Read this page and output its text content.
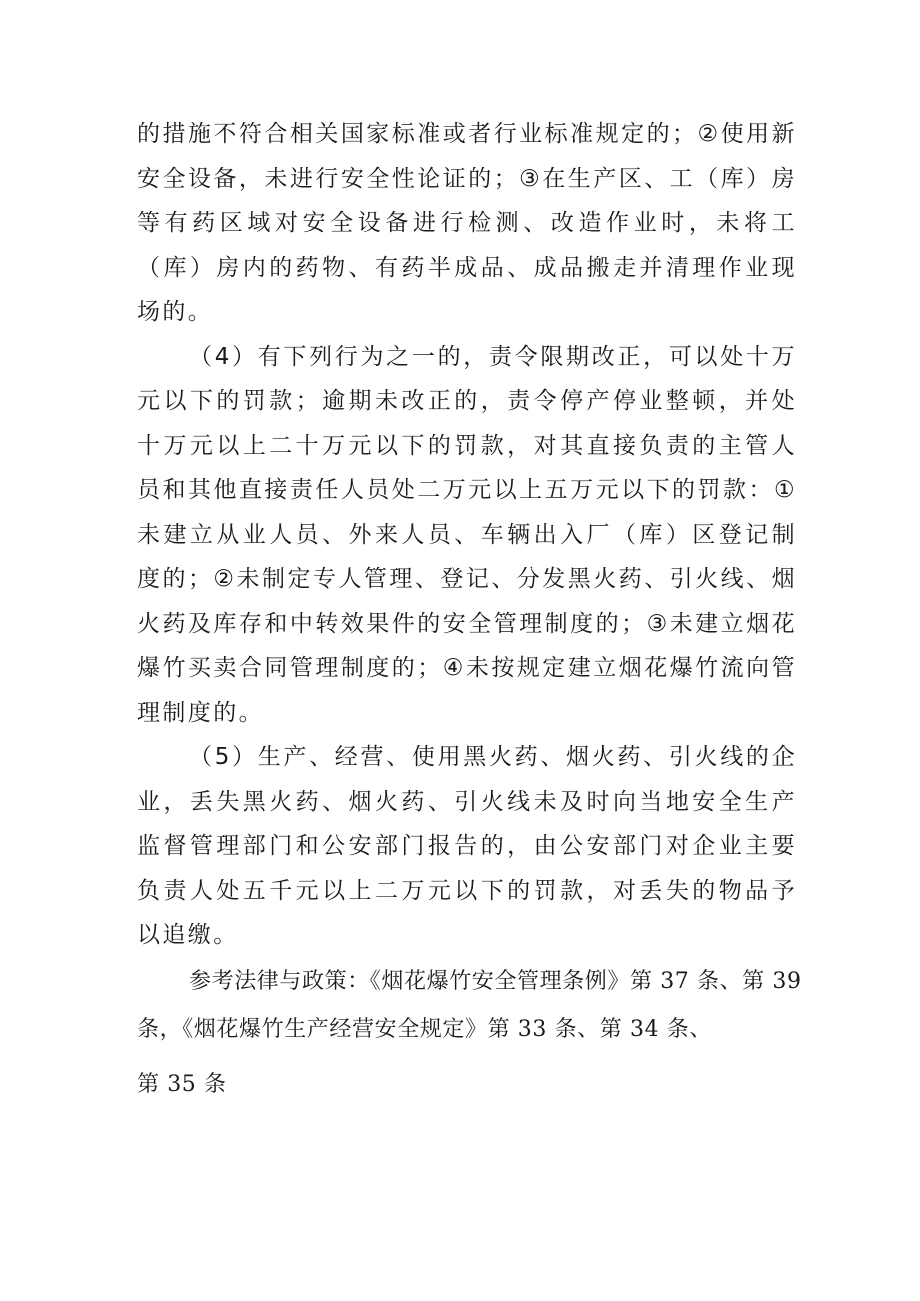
的措施不符合相关国家标准或者行业标准规定的；②使用新安全设备，未进行安全性论证的；③在生产区、工（库）房等有药区域对安全设备进行检测、改造作业时，未将工（库）房内的药物、有药半成品、成品搬走并清理作业现场的。

（4）有下列行为之一的，责令限期改正，可以处十万元以下的罚款；逾期未改正的，责令停产停业整顿，并处十万元以上二十万元以下的罚款，对其直接负责的主管人员和其他直接责任人员处二万元以上五万元以下的罚款：①未建立从业人员、外来人员、车辆出入厂（库）区登记制度的；②未制定专人管理、登记、分发黑火药、引火线、烟火药及库存和中转效果件的安全管理制度的；③未建立烟花爆竹买卖合同管理制度的；④未按规定建立烟花爆竹流向管理制度的。

（5）生产、经营、使用黑火药、烟火药、引火线的企业，丢失黑火药、烟火药、引火线未及时向当地安全生产监督管理部门和公安部门报告的，由公安部门对企业主要负责人处五千元以上二万元以下的罚款，对丢失的物品予以追缴。

参考法律与政策：《烟花爆竹安全管理条例》第 37 条、第 39
条，《烟花爆竹生产经营安全规定》第 33 条、第 34 条、
第 35 条
